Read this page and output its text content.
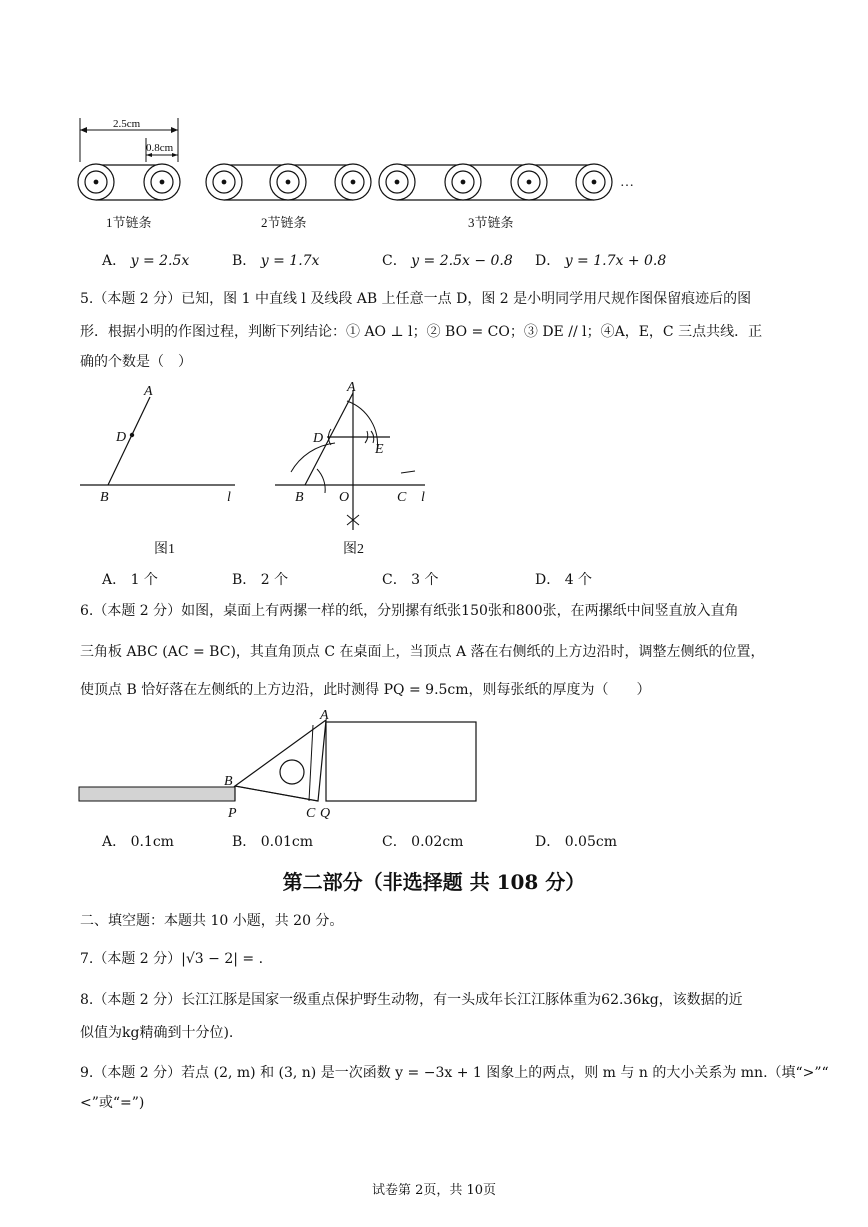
2.5cm
0.8cm
1节链条	2节链条
…
3节链条
A． y = 2.5x	B． y = 1.7x	C． y = 2.5x − 0.8 D． y = 1.7x + 0.8
5.（本题 2 分）已知，图 1 中直线 l 及线段 AB 上任意一点 D，图 2 是小明同学用尺规作图保留痕迹后的图
形．根据小明的作图过程，判断下列结论：① AO ⊥ l；② BO = CO；③ DE // l；④A，E，C 三点共线．正
确的个数是（　）
A
D
B	l
图1
A
D
E
B	O	C l
图2
A． 1 个	B． 2 个	C． 3 个	D． 4 个
6.（本题 2 分）如图，桌面上有两摞一样的纸，分别摞有纸张150张和800张，在两摞纸中间竖直放入直角
三角板 ABC (AC = BC)，其直角顶点 C 在桌面上，当顶点 A 落在右侧纸的上方边沿时，调整左侧纸的位置，
使顶点 B 恰好落在左侧纸的上方边沿，此时测得 PQ = 9.5cm，则每张纸的厚度为（　　）
A
B
P	C Q
A． 0.1cm	B． 0.01cm	C． 0.02cm	D． 0.05cm
第二部分（非选择题 共 108 分）
二、填空题：本题共 10 小题，共 20 分。
7.（本题 2 分）|√3 − 2| = .
8.（本题 2 分）长江江豚是国家一级重点保护野生动物，有一头成年长江江豚体重为62.36kg，该数据的近
似值为kg精确到十分位).
9.（本题 2 分）若点 (2, m) 和 (3, n) 是一次函数 y = −3x + 1 图象上的两点，则 m 与 n 的大小关系为 mn.（填“>”“
<”或“=”)
试卷第 2页，共 10页
